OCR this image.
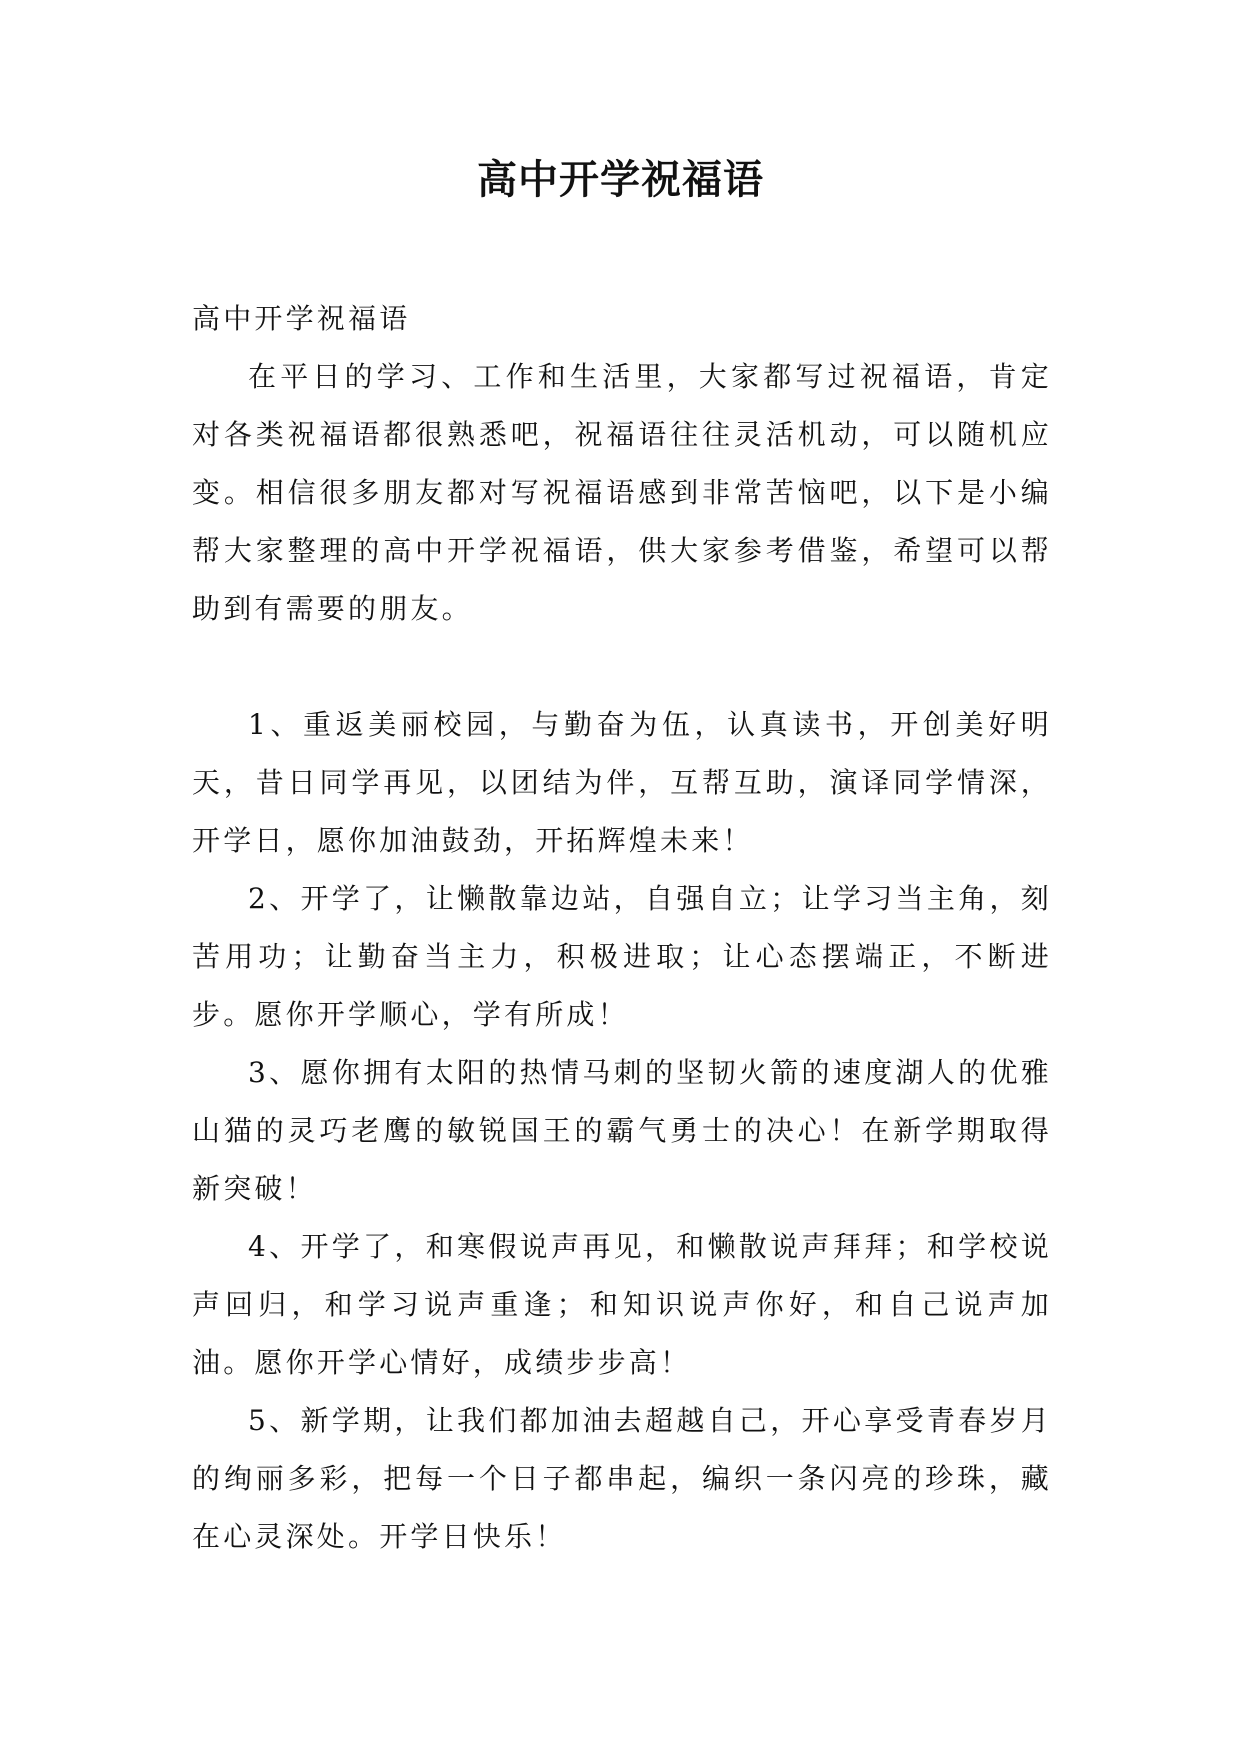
高中开学祝福语
高中开学祝福语

在平日的学习、工作和生活里，大家都写过祝福语，肯定对各类祝福语都很熟悉吧，祝福语往往灵活机动，可以随机应变。相信很多朋友都对写祝福语感到非常苦恼吧，以下是小编帮大家整理的高中开学祝福语，供大家参考借鉴，希望可以帮助到有需要的朋友。

1、重返美丽校园，与勤奋为伍，认真读书，开创美好明天，昔日同学再见，以团结为伴，互帮互助，演译同学情深，开学日，愿你加油鼓劲，开拓辉煌未来！

2、开学了，让懒散靠边站，自强自立；让学习当主角，刻苦用功；让勤奋当主力，积极进取；让心态摆端正，不断进步。愿你开学顺心，学有所成！

3、愿你拥有太阳的热情马刺的坚韧火箭的速度湖人的优雅山猫的灵巧老鹰的敏锐国王的霸气勇士的决心！在新学期取得新突破！

4、开学了，和寒假说声再见，和懒散说声拜拜；和学校说声回归，和学习说声重逢；和知识说声你好，和自己说声加油。愿你开学心情好，成绩步步高！

5、新学期，让我们都加油去超越自己，开心享受青春岁月的绚丽多彩，把每一个日子都串起，编织一条闪亮的珍珠，藏在心灵深处。开学日快乐！
